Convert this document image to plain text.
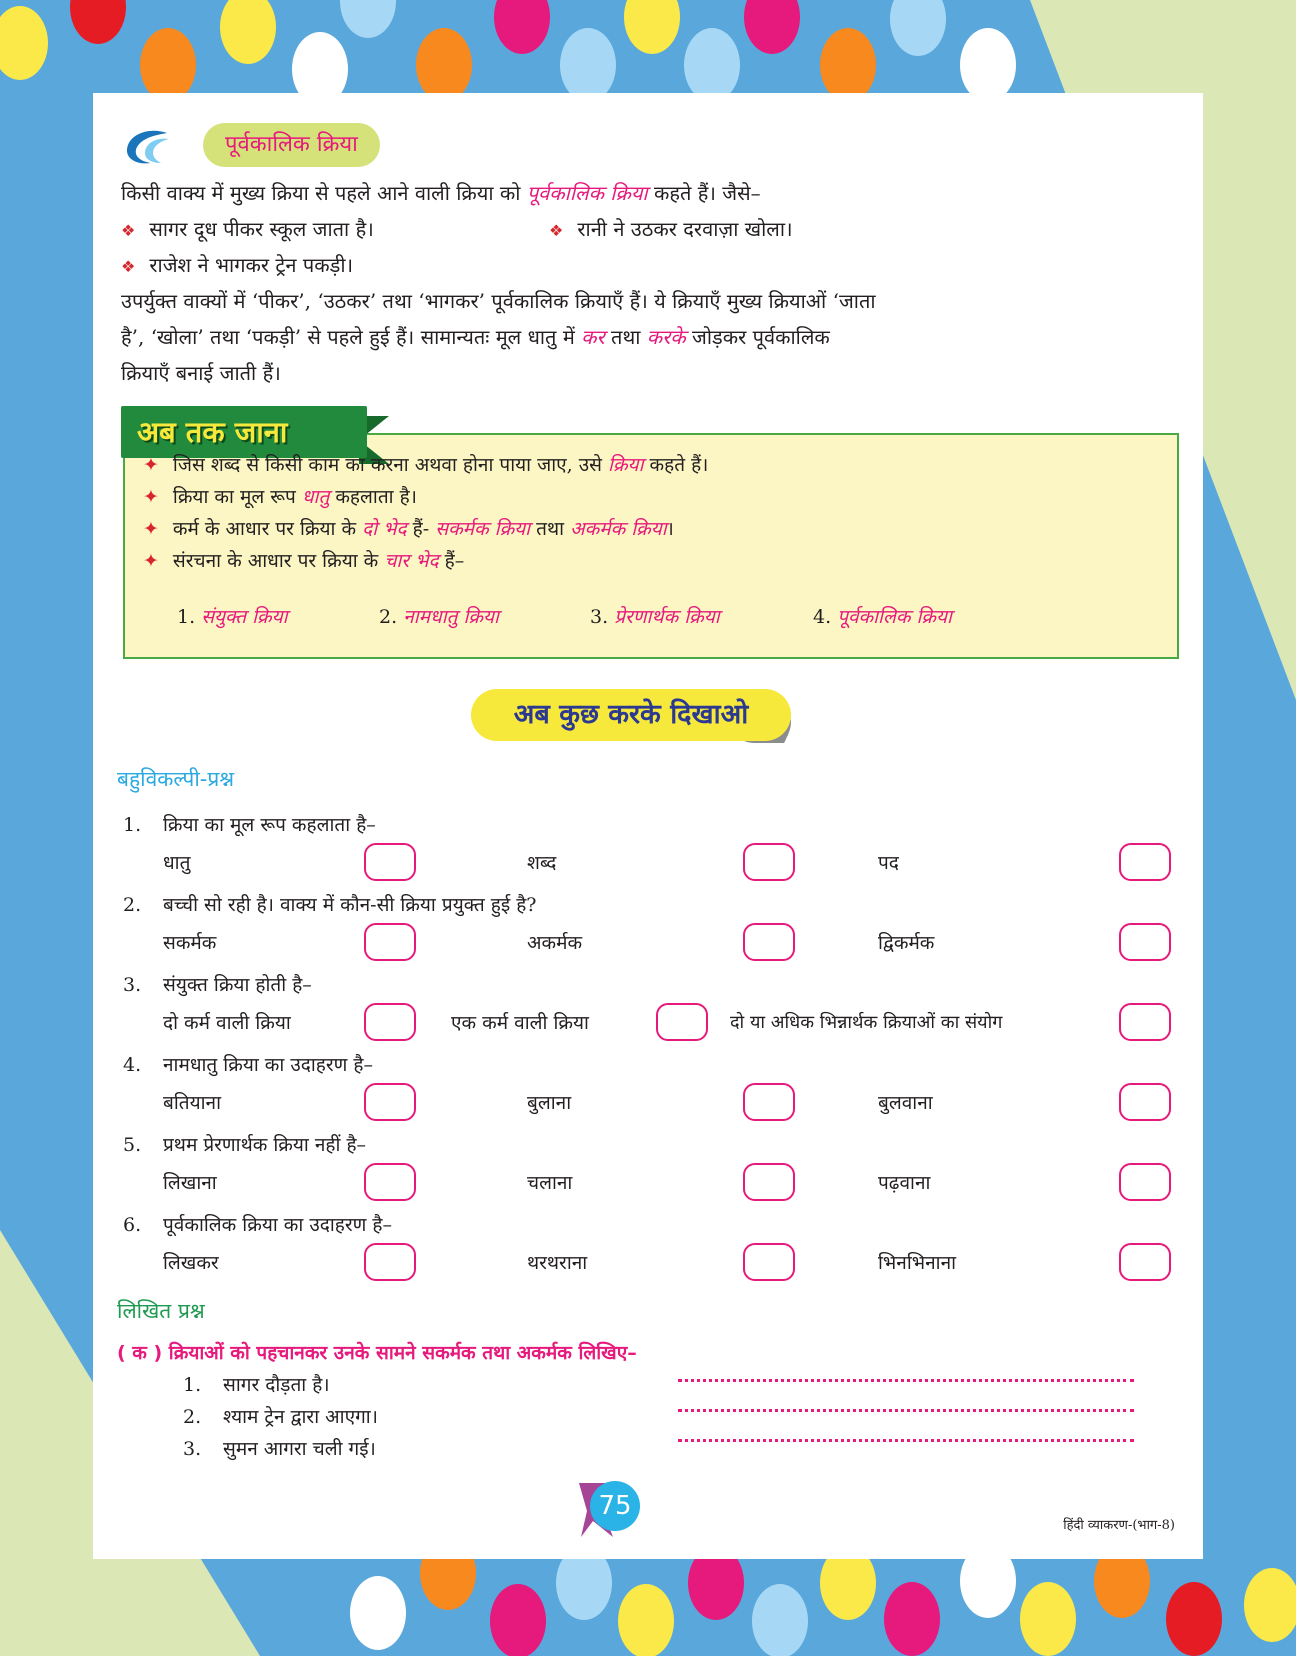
पूर्वकालिक क्रिया
किसी वाक्य में मुख्य क्रिया से पहले आने वाली क्रिया को पूर्वकालिक क्रिया कहते हैं। जैसे–
❖ सागर दूध पीकर स्कूल जाता है।	❖ रानी ने उठकर दरवाज़ा खोला।
❖ राजेश ने भागकर ट्रेन पकड़ी।
उपर्युक्त वाक्यों में ‘पीकर’, ‘उठकर’ तथा ‘भागकर’ पूर्वकालिक क्रियाएँ हैं। ये क्रियाएँ मुख्य क्रियाओं ‘जाता
है’, ‘खोला’ तथा ‘पकड़ी’ से पहले हुई हैं। सामान्यतः मूल धातु में कर तथा करके जोड़कर पूर्वकालिक
क्रियाएँ बनाई जाती हैं।
अब तक जाना
✦ जिस शब्द से किसी काम का करना अथवा होना पाया जाए, उसे क्रिया कहते हैं।
✦ क्रिया का मूल रूप धातु कहलाता है।
✦ कर्म के आधार पर क्रिया के दो भेद हैं- सकर्मक क्रिया तथा अकर्मक क्रिया।
✦ संरचना के आधार पर क्रिया के चार भेद हैं–
1. संयुक्त क्रिया	2. नामधातु क्रिया	3. प्रेरणार्थक क्रिया	4. पूर्वकालिक क्रिया
अब कुछ करके दिखाओ
बहुविकल्पी-प्रश्न
1. क्रिया का मूल रूप कहलाता है–
धातु	शब्द	पद
2. बच्ची सो रही है। वाक्य में कौन-सी क्रिया प्रयुक्त हुई है?
सकर्मक	अकर्मक	द्विकर्मक
3. संयुक्त क्रिया होती है–
दो कर्म वाली क्रिया	एक कर्म वाली क्रिया	दो या अधिक भिन्नार्थक क्रियाओं का संयोग
4. नामधातु क्रिया का उदाहरण है–
बतियाना	बुलाना	बुलवाना
5. प्रथम प्रेरणार्थक क्रिया नहीं है–
लिखाना	चलाना	पढ़वाना
6. पूर्वकालिक क्रिया का उदाहरण है–
लिखकर	थरथराना	भिनभिनाना
लिखित प्रश्न
( क ) क्रियाओं को पहचानकर उनके सामने सकर्मक तथा अकर्मक लिखिए–
1. सागर दौड़ता है।
2. श्याम ट्रेन द्वारा आएगा।
3. सुमन आगरा चली गई।
75
हिंदी व्याकरण-(भाग-8)
